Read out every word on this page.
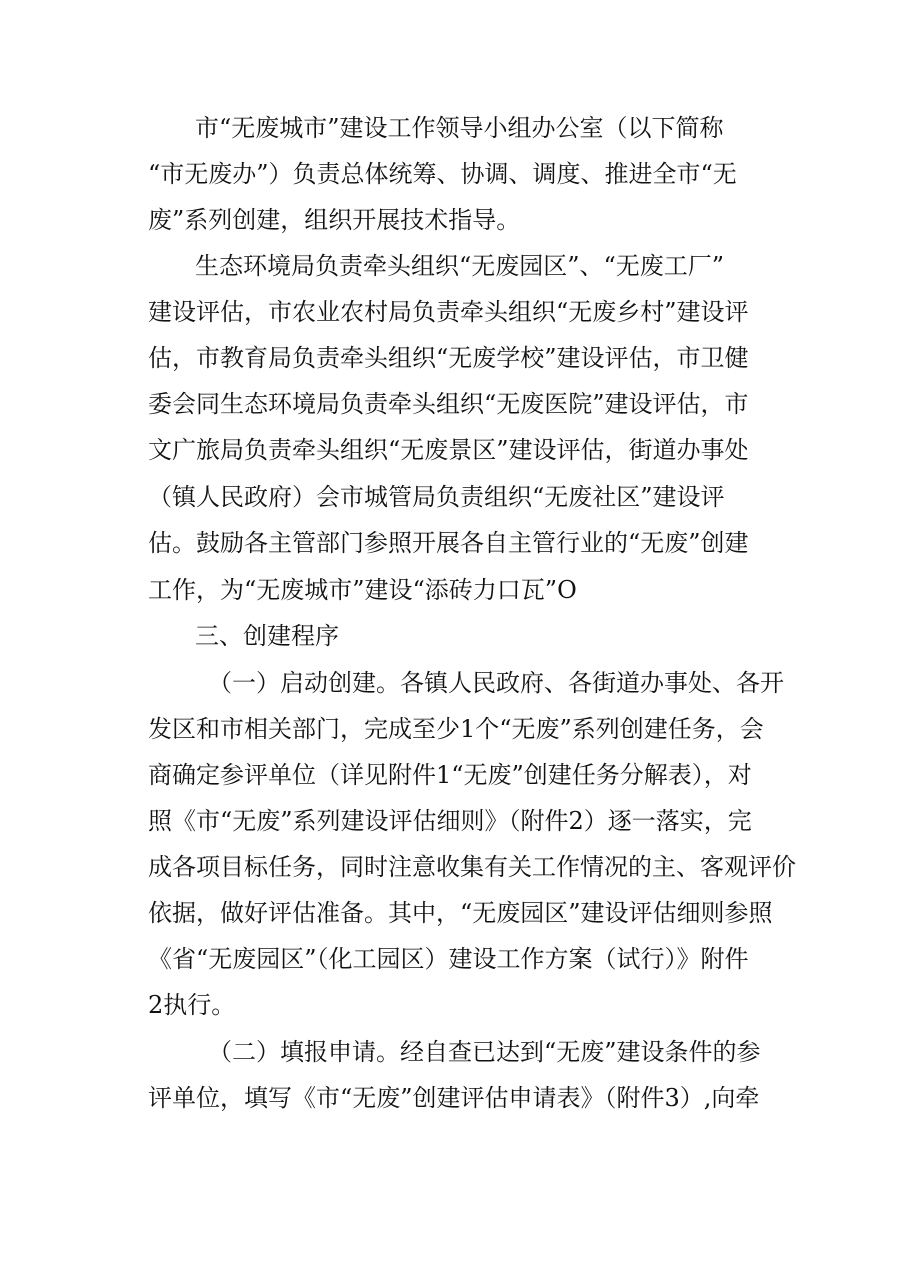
市“无废城市”建设工作领导小组办公室（以下简称

“市无废办”）负责总体统筹、协调、调度、推进全市“无

废”系列创建，组织开展技术指导。

生态环境局负责牵头组织“无废园区”、“无废工厂”

建设评估，市农业农村局负责牵头组织“无废乡村”建设评

估，市教育局负责牵头组织“无废学校”建设评估，市卫健

委会同生态环境局负责牵头组织“无废医院”建设评估，市

文广旅局负责牵头组织“无废景区”建设评估，街道办事处

（镇人民政府）会市城管局负责组织“无废社区”建设评

估。鼓励各主管部门参照开展各自主管行业的“无废”创建

工作，为“无废城市”建设“添砖力口瓦”O

三、创建程序

（一）启动创建。各镇人民政府、各街道办事处、各开

发区和市相关部门，完成至少1个“无废”系列创建任务，会

商确定参评单位（详见附件1“无废”创建任务分解表），对

照《市“无废”系列建设评估细则》（附件2）逐一落实，完

成各项目标任务，同时注意收集有关工作情况的主、客观评价

依据，做好评估准备。其中，“无废园区”建设评估细则参照

《省“无废园区”（化工园区）建设工作方案（试行）》附件

2执行。

（二）填报申请。经自查已达到“无废”建设条件的参

评单位，填写《市“无废”创建评估申请表》（附件3）,向牵
